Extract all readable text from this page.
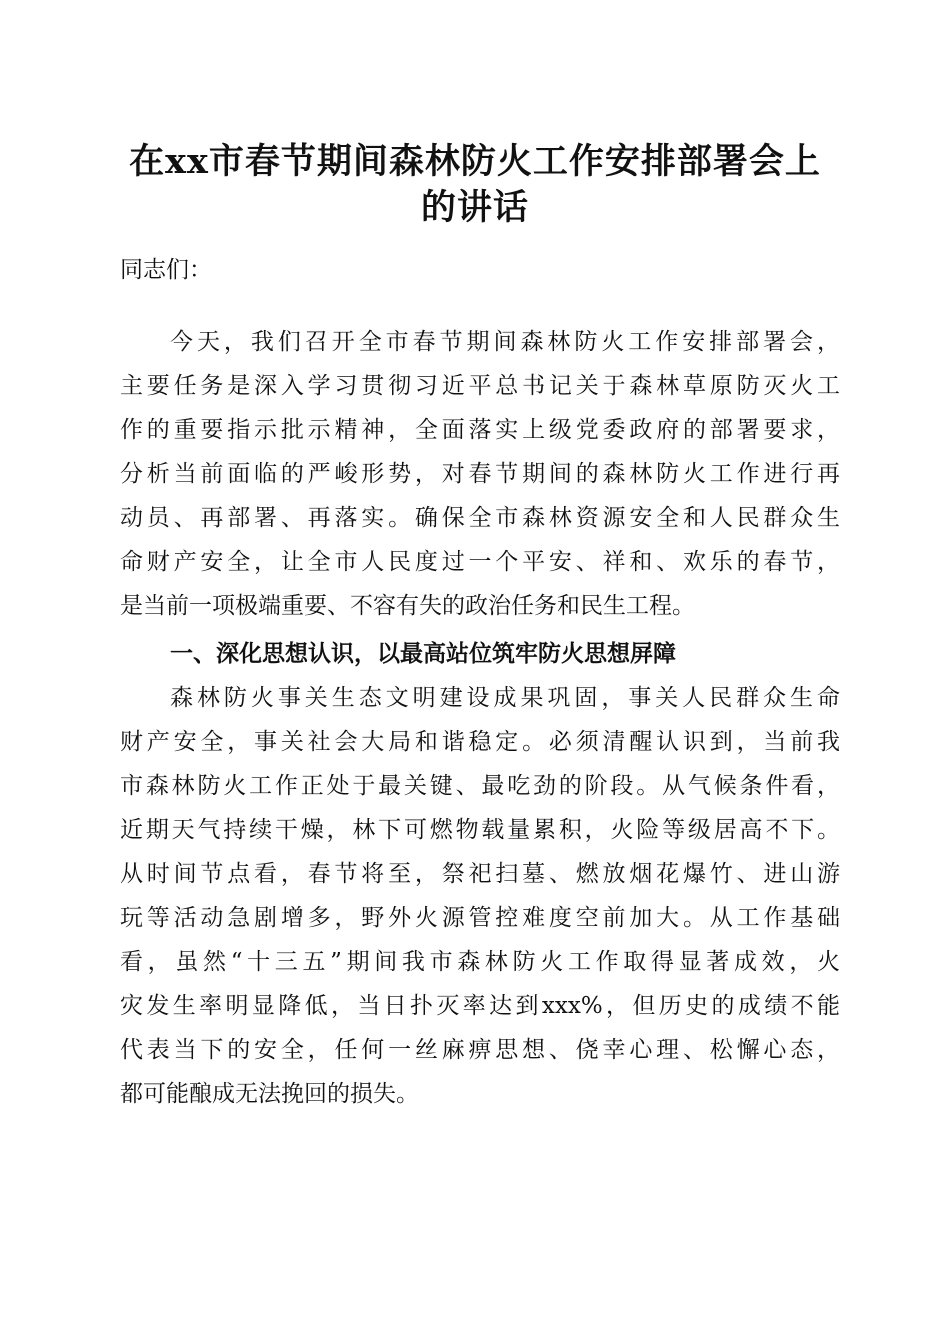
在xx市春节期间森林防火工作安排部署会上
的讲话
同志们：
今天，我们召开全市春节期间森林防火工作安排部署会，
主要任务是深入学习贯彻习近平总书记关于森林草原防灭火工
作的重要指示批示精神，全面落实上级党委政府的部署要求，
分析当前面临的严峻形势，对春节期间的森林防火工作进行再
动员、再部署、再落实。确保全市森林资源安全和人民群众生
命财产安全，让全市人民度过一个平安、祥和、欢乐的春节，
是当前一项极端重要、不容有失的政治任务和民生工程。
一、深化思想认识，以最高站位筑牢防火思想屏障
森林防火事关生态文明建设成果巩固，事关人民群众生命
财产安全，事关社会大局和谐稳定。必须清醒认识到，当前我
市森林防火工作正处于最关键、最吃劲的阶段。从气候条件看，
近期天气持续干燥，林下可燃物载量累积，火险等级居高不下。
从时间节点看，春节将至，祭祀扫墓、燃放烟花爆竹、进山游
玩等活动急剧增多，野外火源管控难度空前加大。从工作基础
看，虽然“十三五”期间我市森林防火工作取得显著成效，火
灾发生率明显降低，当日扑灭率达到xxx%，但历史的成绩不能
代表当下的安全，任何一丝麻痹思想、侥幸心理、松懈心态，
都可能酿成无法挽回的损失。
